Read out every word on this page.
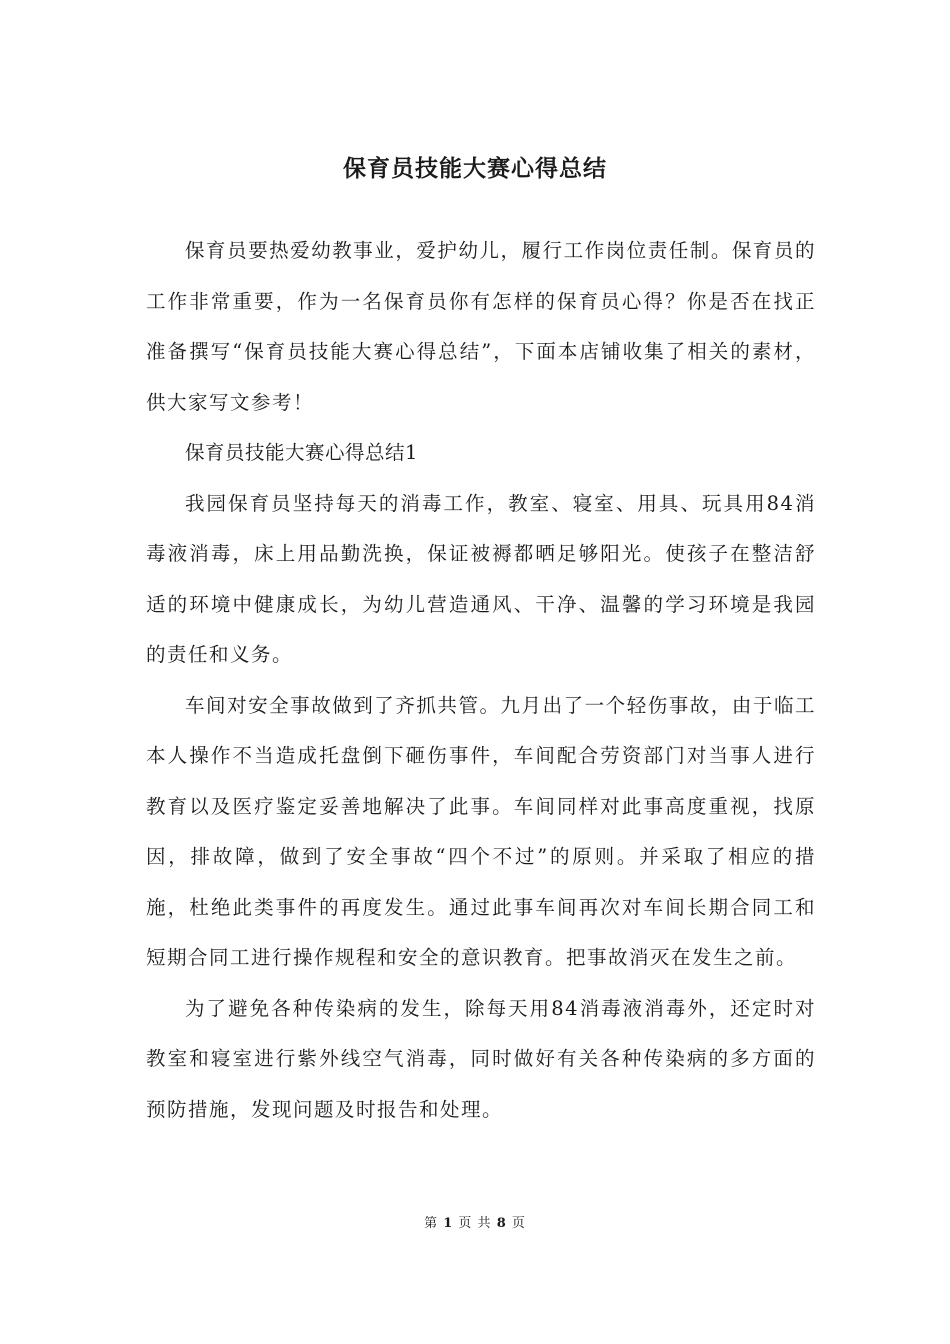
保育员技能大赛心得总结

保育员要热爱幼教事业，爱护幼儿，履行工作岗位责任制。保育员的工作非常重要，作为一名保育员你有怎样的保育员心得？你是否在找正准备撰写“保育员技能大赛心得总结”，下面本店铺收集了相关的素材，供大家写文参考！

保育员技能大赛心得总结1

我园保育员坚持每天的消毒工作，教室、寝室、用具、玩具用84消毒液消毒，床上用品勤洗换，保证被褥都晒足够阳光。使孩子在整洁舒适的环境中健康成长，为幼儿营造通风、干净、温馨的学习环境是我园的责任和义务。

车间对安全事故做到了齐抓共管。九月出了一个轻伤事故，由于临工本人操作不当造成托盘倒下砸伤事件，车间配合劳资部门对当事人进行教育以及医疗鉴定妥善地解决了此事。车间同样对此事高度重视，找原因，排故障，做到了安全事故“四个不过”的原则。并采取了相应的措施，杜绝此类事件的再度发生。通过此事车间再次对车间长期合同工和短期合同工进行操作规程和安全的意识教育。把事故消灭在发生之前。

为了避免各种传染病的发生，除每天用84消毒液消毒外，还定时对教室和寝室进行紫外线空气消毒，同时做好有关各种传染病的多方面的预防措施，发现问题及时报告和处理。

第 1 页 共 8 页
